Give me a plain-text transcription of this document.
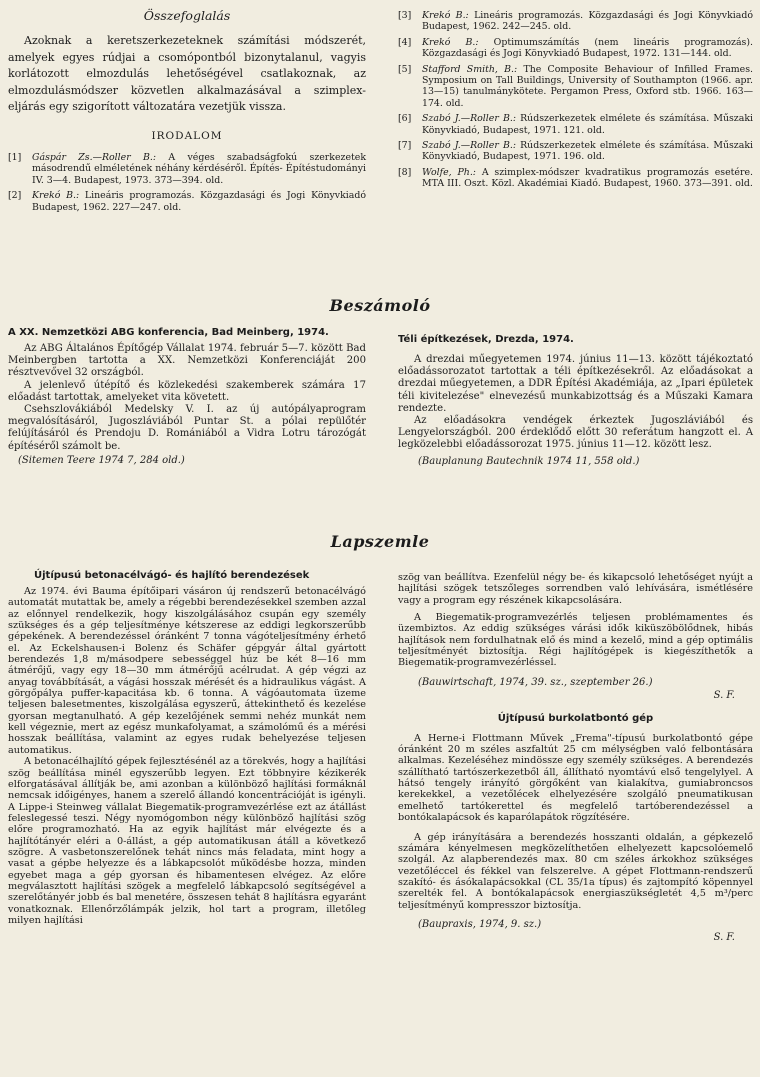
Összefoglalás

Azoknak a keretszerkezeteknek számítási módszerét, amelyek egyes rúdjai a csomópontból bizonytalanul, vagyis korlátozott elmozdulás lehetőségével csatlakoznak, az elmozdulásmódszer közvetlen alkalmazásával a szimplex-eljárás egy szigorított változatára vezetjük vissza.

IRODALOM
[1]	Gáspár Zs.—Roller B.: A véges szabadságfokú szerkezetek másodrendű elméletének néhány kérdéséről. Építés- Építéstudományi IV. 3—4. Budapest, 1973. 373—394. old.
[2]	Krekó B.: Lineáris programozás. Közgazdasági és Jogi Könyvkiadó Budapest, 1962. 227—247. old.
[3]	Krekó B.: Lineáris programozás. Közgazdasági és Jogi Könyvkiadó Budapest, 1962. 242—245. old.
[4]	Krekó B.: Optimumszámítás (nem lineáris programozás). Közgazdasági és Jogi Könyvkiadó Budapest, 1972. 131—144. old.
[5]	Stafford Smith, B.: The Composite Behaviour of Infilled Frames. Symposium on Tall Buildings, University of Southampton (1966. apr. 13—15) tanulmánykötete. Pergamon Press, Oxford stb. 1966. 163—174. old.
[6]	Szabó J.—Roller B.: Rúdszerkezetek elmélete és számítása. Műszaki Könyvkiadó, Budapest, 1971. 121. old.
[7]	Szabó J.—Roller B.: Rúdszerkezetek elmélete és számítása. Műszaki Könyvkiadó, Budapest, 1971. 196. old.
[8]	Wolfe, Ph.: A szimplex-módszer kvadratikus programozás esetére. MTA III. Oszt. Közl. Akadémiai Kiadó. Budapest, 1960. 373—391. old.
Beszámoló
A XX. Nemzetközi ABG konferencia, Bad Meinberg, 1974.

Az ABG Általános Építőgép Vállalat 1974. február 5—7. között Bad Meinbergben tartotta a XX. Nemzetközi Konferenciáját 200 résztvevővel 32 országból.

A jelenlevő útépítő és közlekedési szakemberek számára 17 előadást tartottak, amelyeket vita követett.

Csehszlovákiából Medelsky V. I. az új autópályaprogram megvalósításáról, Jugoszláviából Puntar St. a pólai repülőtér felújításáról és Prendoju D. Romániából a Vidra Lotru tározógát építéséről számolt be.

(Sitemen Teere 1974 7, 284 old.)
Téli építkezések, Drezda, 1974.

A drezdai műegyetemen 1974. június 11—13. között tájékoztató előadássorozatot tartottak a téli építkezésekről. Az előadásokat a drezdai műegyetemen, a DDR Építési Akadémiája, az „Ipari épületek téli kivitelezése" elnevezésű munkabizottság és a Műszaki Kamara rendezte.

Az előadásokra vendégek érkeztek Jugoszláviából és Lengyelországból. 200 érdeklődő előtt 30 referátum hangzott el. A legközelebbi előadássorozat 1975. június 11—12. között lesz.

(Bauplanung Bautechnik 1974 11, 558 old.)
Lapszemle
Újtípusú betonacélvágó- és hajlító berendezések

Az 1974. évi Bauma építőipari vásáron új rendszerű betonacélvágó automatát mutattak be, amely a régebbi berendezésekkel szemben azzal az előnnyel rendelkezik, hogy kiszolgálásához csupán egy személy szükséges és a gép teljesítménye kétszerese az eddigi legkorszerűbb gépekének. A berendezéssel óránként 7 tonna vágóteljesítmény érhető el. Az Eckelshausen-i Bolenz és Schäfer gépgyár által gyártott berendezés 1,8 m/másodpere sebességgel húz be két 8—16 mm átmérőjű, vagy egy 18—30 mm átmérőjű acélrudat. A gép végzi az anyag továbbítását, a vágási hosszak mérését és a hidraulikus vágást. A görgőpálya puffer-kapacitása kb. 6 tonna. A vágóautomata üzeme teljesen balesetmentes, kiszolgálása egyszerű, áttekinthető és kezelése gyorsan megtanulható. A gép kezelőjének semmi nehéz munkát nem kell végeznie, mert az egész munkafolyamat, a számolómű és a mérési hosszak beállítása, valamint az egyes rudak behelyezése teljesen automatikus.

A betonacélhajlító gépek fejlesztésénél az a törekvés, hogy a hajlítási szög beállítása minél egyszerűbb legyen. Ezt többnyire kézikerék elforgatásával állítják be, ami azonban a különböző hajlítási formáknál nemcsak időigényes, hanem a szerelő állandó koncentrációját is igényli. A Lippe-i Steinweg vállalat Biegematik-programvezérlése ezt az átállást feleslegessé teszi. Négy nyomógombon négy különböző hajlítási szög előre programozható. Ha az egyik hajlítást már elvégezte és a hajlítótányér eléri a 0-állást, a gép automatikusan átáll a következő szögre. A vasbetonszerelőnek tehát nincs más feladata, mint hogy a vasat a gépbe helyezze és a lábkapcsolót működésbe hozza, minden egyebet maga a gép gyorsan és hibamentesen elvégez. Az előre megválasztott hajlítási szögek a megfelelő lábkapcsoló segítségével a szerelőtányér jobb és bal menetére, összesen tehát 8 hajlításra egyaránt vonatkoznak. Ellenőrzőlámpák jelzik, hol tart a program, illetőleg milyen hajlítási

szög van beállítva. Ezenfelül négy be- és kikapcsoló lehetőséget nyújt a hajlítási szögek tetszőleges sorrendben való lehívására, ismétlésére vagy a program egy részének kikapcsolására.

A Biegematik-programvezérlés teljesen problémamentes és üzembiztos. Az eddig szükséges várási idők kiküszöbölődnek, hibás hajlítások nem fordulhatnak elő és mind a kezelő, mind a gép optimális teljesítményét biztosítja. Régi hajlítógépek is kiegészíthetők a Biegematik-programvezérléssel.

(Bauwirtschaft, 1974, 39. sz., szeptember 26.)
S. F.
Újtípusú burkolatbontó gép

A Herne-i Flottmann Művek „Frema"-típusú burkolatbontó gépe óránként 20 m széles aszfaltút 25 cm mélységben való felbontására alkalmas. Kezeléséhez mindössze egy személy szükséges. A berendezés szállítható tartószerkezetből áll, állítható nyomtávú első tengelylyel. A hátsó tengely irányító görgőként van kialakítva, gumiabroncsos kerekekkel, a vezetőlécek elhelyezésére szolgáló pneumatikusan emelhető tartókerettel és megfelelő tartóberendezéssel a bontókalapácsok és kaparólapátok rögzítésére.

A gép irányítására a berendezés hosszanti oldalán, a gépkezelő számára kényelmesen megközelíthetően elhelyezett kapcsolóemelő szolgál. Az alapberendezés max. 80 cm széles árkokhoz szükséges vezetőléccel és fékkel van felszerelve. A gépet Flottmann-rendszerű szakító- és ásókalapácsokkal (CL 35/1a típus) és zajtompító köpennyel szerelték fel. A bontókalapácsok energiaszükségletét 4,5 m³/perc teljesítményű kompresszor biztosítja.

(Baupraxis, 1974, 9. sz.)
S. F.
